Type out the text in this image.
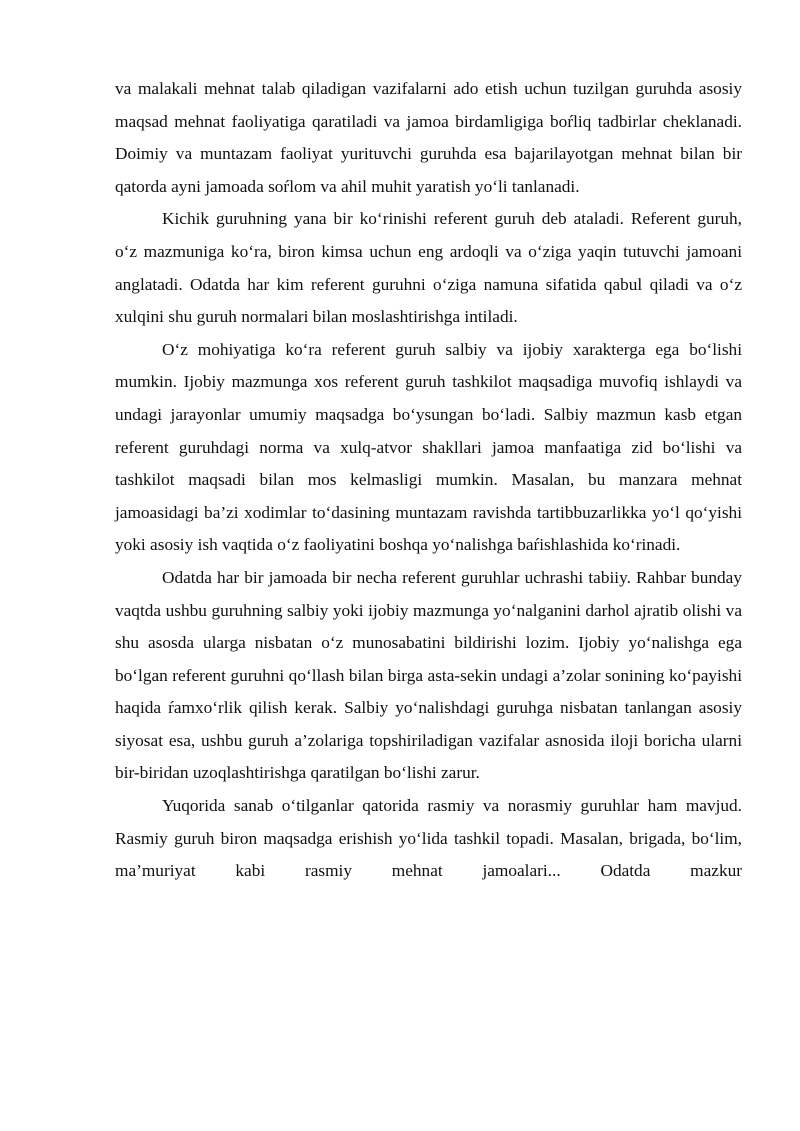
va malakali mehnat talab qiladigan vazifalarni ado etish uchun tuzilgan guruhda asosiy maqsad mehnat faoliyatiga qaratiladi va jamoa birdamligiga boŕliq tadbirlar cheklanadi. Doimiy va muntazam faoliyat yurituvchi guruhda esa bajarilayotgan mehnat bilan bir qatorda ayni jamoada soŕlom va ahil muhit yaratish yo‘li tanlanadi.

Kichik guruhning yana bir ko‘rinishi referent guruh deb ataladi. Referent guruh, o‘z mazmuniga ko‘ra, biron kimsa uchun eng ardoqli va o‘ziga yaqin tutuvchi jamoani anglatadi. Odatda har kim referent guruhni o‘ziga namuna sifatida qabul qiladi va o‘z xulqini shu guruh normalari bilan moslashtirishga intiladi.

O‘z mohiyatiga ko‘ra referent guruh salbiy va ijobiy xarakterga ega bo‘lishi mumkin. Ijobiy mazmunga xos referent guruh tashkilot maqsadiga muvofiq ishlaydi va undagi jarayonlar umumiy maqsadga bo‘ysungan bo‘ladi. Salbiy mazmun kasb etgan referent guruhdagi norma va xulq-atvor shakllari jamoa manfaatiga zid bo‘lishi va tashkilot maqsadi bilan mos kelmasligi mumkin. Masalan, bu manzara mehnat jamoasidagi ba’zi xodimlar to‘dasining muntazam ravishda tartibbuzarlikka yo‘l qo‘yishi yoki asosiy ish vaqtida o‘z faoliyatini boshqa yo‘nalishga baŕishlashida ko‘rinadi.

Odatda har bir jamoada bir necha referent guruhlar uchrashi tabiiy. Rahbar bunday vaqtda ushbu guruhning salbiy yoki ijobiy mazmunga yo‘nalganini darhol ajratib olishi va shu asosda ularga nisbatan o‘z munosabatini bildirishi lozim. Ijobiy yo‘nalishga ega bo‘lgan referent guruhni qo‘llash bilan birga asta-sekin undagi a’zolar sonining ko‘payishi haqida ŕamxo‘rlik qilish kerak. Salbiy yo‘nalishdagi guruhga nisbatan tanlangan asosiy siyosat esa, ushbu guruh a’zolariga topshiriladigan vazifalar asnosida iloji boricha ularni bir-biridan uzoqlashtirishga qaratilgan bo‘lishi zarur.

Yuqorida sanab o‘tilganlar qatorida rasmiy va norasmiy guruhlar ham mavjud. Rasmiy guruh biron maqsadga erishish yo‘lida tashkil topadi. Masalan, brigada, bo‘lim, ma’muriyat kabi rasmiy mehnat jamoalari... Odatda mazkur
